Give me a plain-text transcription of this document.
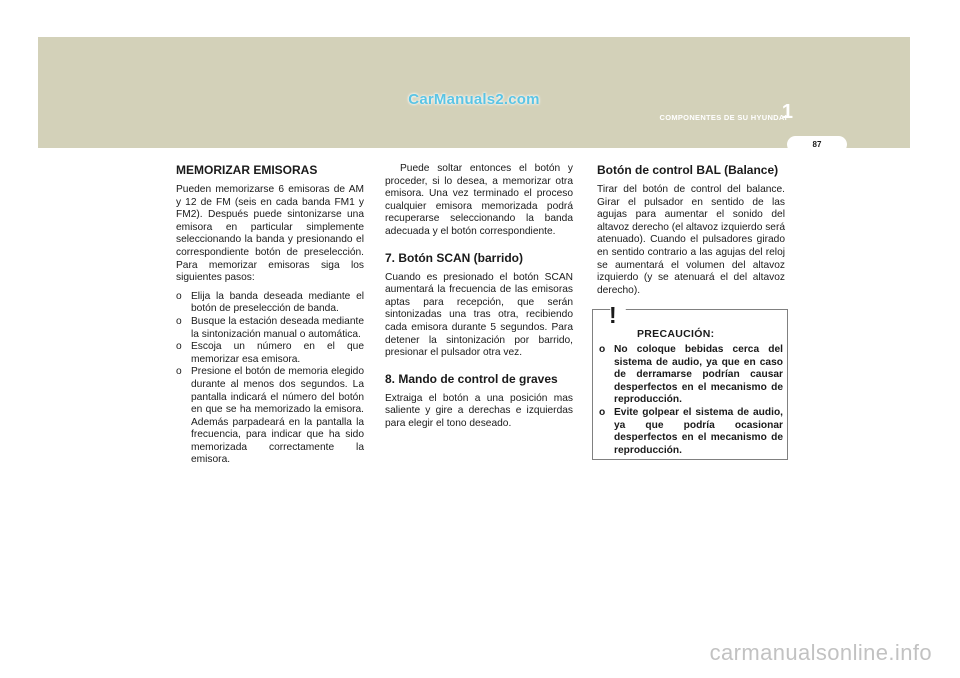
CarManuals2.com
1
COMPONENTES DE SU HYUNDAI
87
MEMORIZAR EMISORAS

Pueden memorizarse 6 emisoras de AM y 12 de FM (seis en cada banda FM1 y FM2). Después puede sintonizarse una emisora en particular simplemente seleccionando la banda y presionando el correspondiente botón de preselección. Para memorizar emisoras siga los siguientes pasos:

o Elija la banda deseada mediante el botón de preselección de banda.
o Busque la estación deseada mediante la sintonización manual o automática.
o Escoja un número en el que memorizar esa emisora.
o Presione el botón de memoria elegido durante al menos dos segundos. La pantalla indicará el número del botón en que se ha memorizado la emisora. Además parpadeará en la pantalla la frecuencia, para indicar que ha sido memorizada correctamente la emisora.

Puede soltar entonces el botón y proceder, si lo desea, a memorizar otra emisora. Una vez terminado el proceso cualquier emisora memorizada podrá recuperarse seleccionando la banda adecuada y el botón correspondiente.

7. Botón SCAN (barrido)

Cuando es presionado el botón SCAN aumentará la frecuencia de las emisoras aptas para recepción, que serán sintonizadas una tras otra, recibiendo cada emisora durante 5 segundos. Para detener la sintonización por barrido, presionar el pulsador otra vez.

8. Mando de control de graves

Extraiga el botón a una posición mas saliente y gire a derechas e izquierdas para elegir el tono deseado.

Botón de control BAL (Balance)

Tirar del botón de control del balance. Girar el pulsador en sentido de las agujas para aumentar el sonido del altavoz derecho (el altavoz izquierdo será atenuado). Cuando el pulsadores girado en sentido contrario a las agujas del reloj se aumentará el volumen del altavoz izquierdo (y se atenuará el del altavoz derecho).

!
PRECAUCIÓN:
o No coloque bebidas cerca del sistema de audio, ya que en caso de derramarse podrían causar desperfectos en el mecanismo de reproducción.
o Evite golpear el sistema de audio, ya que podría ocasionar desperfectos en el mecanismo de reproducción.
carmanualsonline.info
